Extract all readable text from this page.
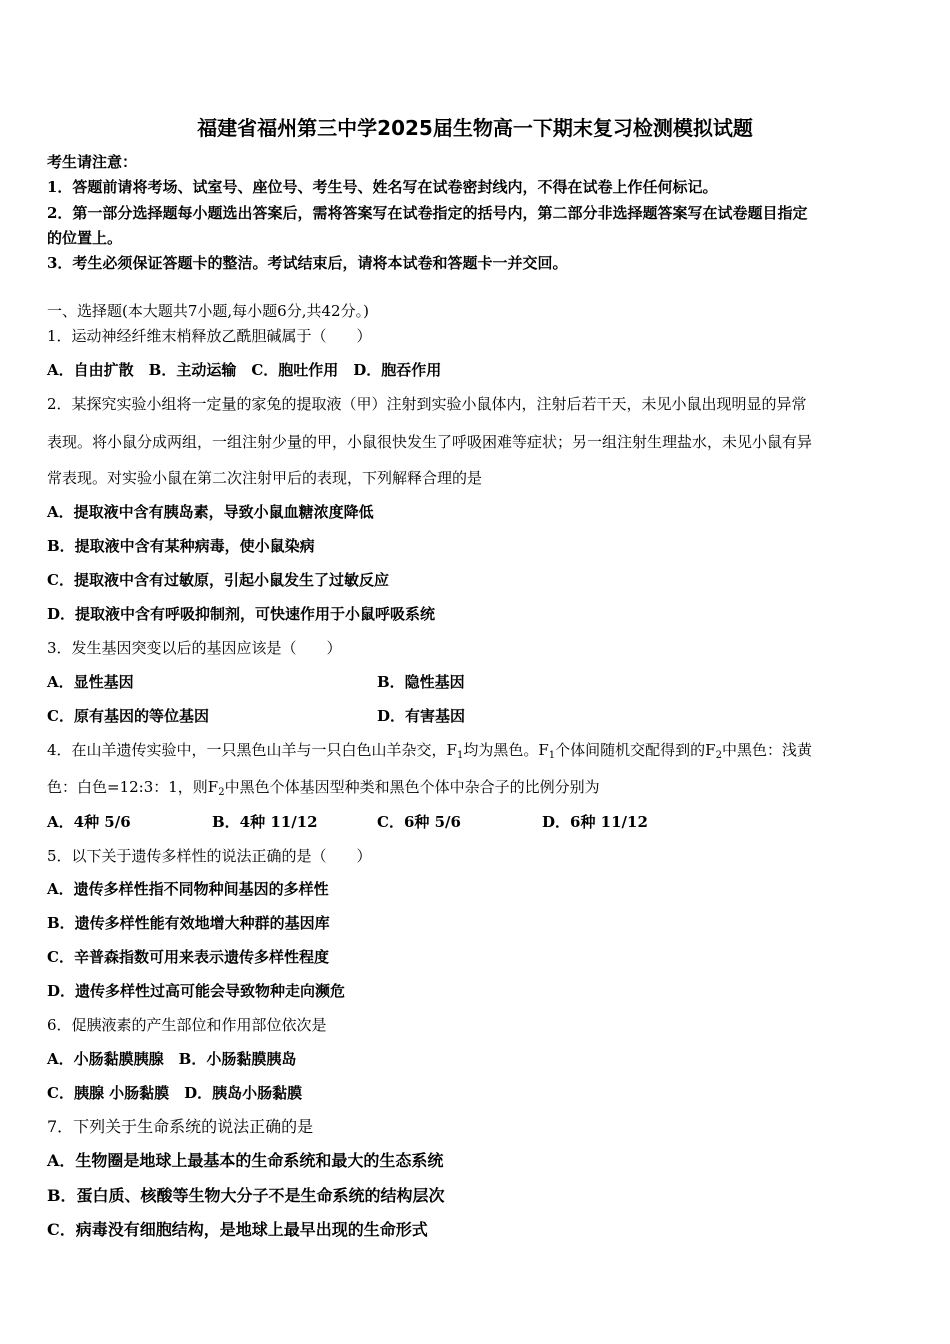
福建省福州第三中学2025届生物高一下期末复习检测模拟试题
考生请注意：
1．答题前请将考场、试室号、座位号、考生号、姓名写在试卷密封线内，不得在试卷上作任何标记。
2．第一部分选择题每小题选出答案后，需将答案写在试卷指定的括号内，第二部分非选择题答案写在试卷题目指定
的位置上。
3．考生必须保证答题卡的整洁。考试结束后，请将本试卷和答题卡一并交回。
一、选择题(本大题共7小题,每小题6分,共42分。)
1．运动神经纤维末梢释放乙酰胆碱属于（　　）
A．自由扩散　B．主动运输　C．胞吐作用　D．胞吞作用
2．某探究实验小组将一定量的家兔的提取液（甲）注射到实验小鼠体内，注射后若干天，未见小鼠出现明显的异常
表现。将小鼠分成两组，一组注射少量的甲，小鼠很快发生了呼吸困难等症状；另一组注射生理盐水，未见小鼠有异
常表现。对实验小鼠在第二次注射甲后的表现，下列解释合理的是
A．提取液中含有胰岛素，导致小鼠血糖浓度降低
B．提取液中含有某种病毒，使小鼠染病
C．提取液中含有过敏原，引起小鼠发生了过敏反应
D．提取液中含有呼吸抑制剂，可快速作用于小鼠呼吸系统
3．发生基因突变以后的基因应该是（　　）
A．显性基因	B．隐性基因
C．原有基因的等位基因	D．有害基因
4．在山羊遗传实验中，一只黑色山羊与一只白色山羊杂交，$F_1$均为黑色。$F_1$个体间随机交配得到的$F_2$中黑色：浅黄
色：白色=12:3：1，则$F_2$中黑色个体基因型种类和黑色个体中杂合子的比例分别为
A．4种 5/6	B．4种 11/12	C．6种 5/6	D．6种 11/12
5．以下关于遗传多样性的说法正确的是（　　）
A．遗传多样性指不同物种间基因的多样性
B．遗传多样性能有效地增大种群的基因库
C．辛普森指数可用来表示遗传多样性程度
D．遗传多样性过高可能会导致物种走向濒危
6．促胰液素的产生部位和作用部位依次是
A．小肠黏膜胰腺　B．小肠黏膜胰岛
C．胰腺 小肠黏膜　D．胰岛小肠黏膜
7．下列关于生命系统的说法正确的是
A．生物圈是地球上最基本的生命系统和最大的生态系统
B．蛋白质、核酸等生物大分子不是生命系统的结构层次
C．病毒没有细胞结构，是地球上最早出现的生命形式
